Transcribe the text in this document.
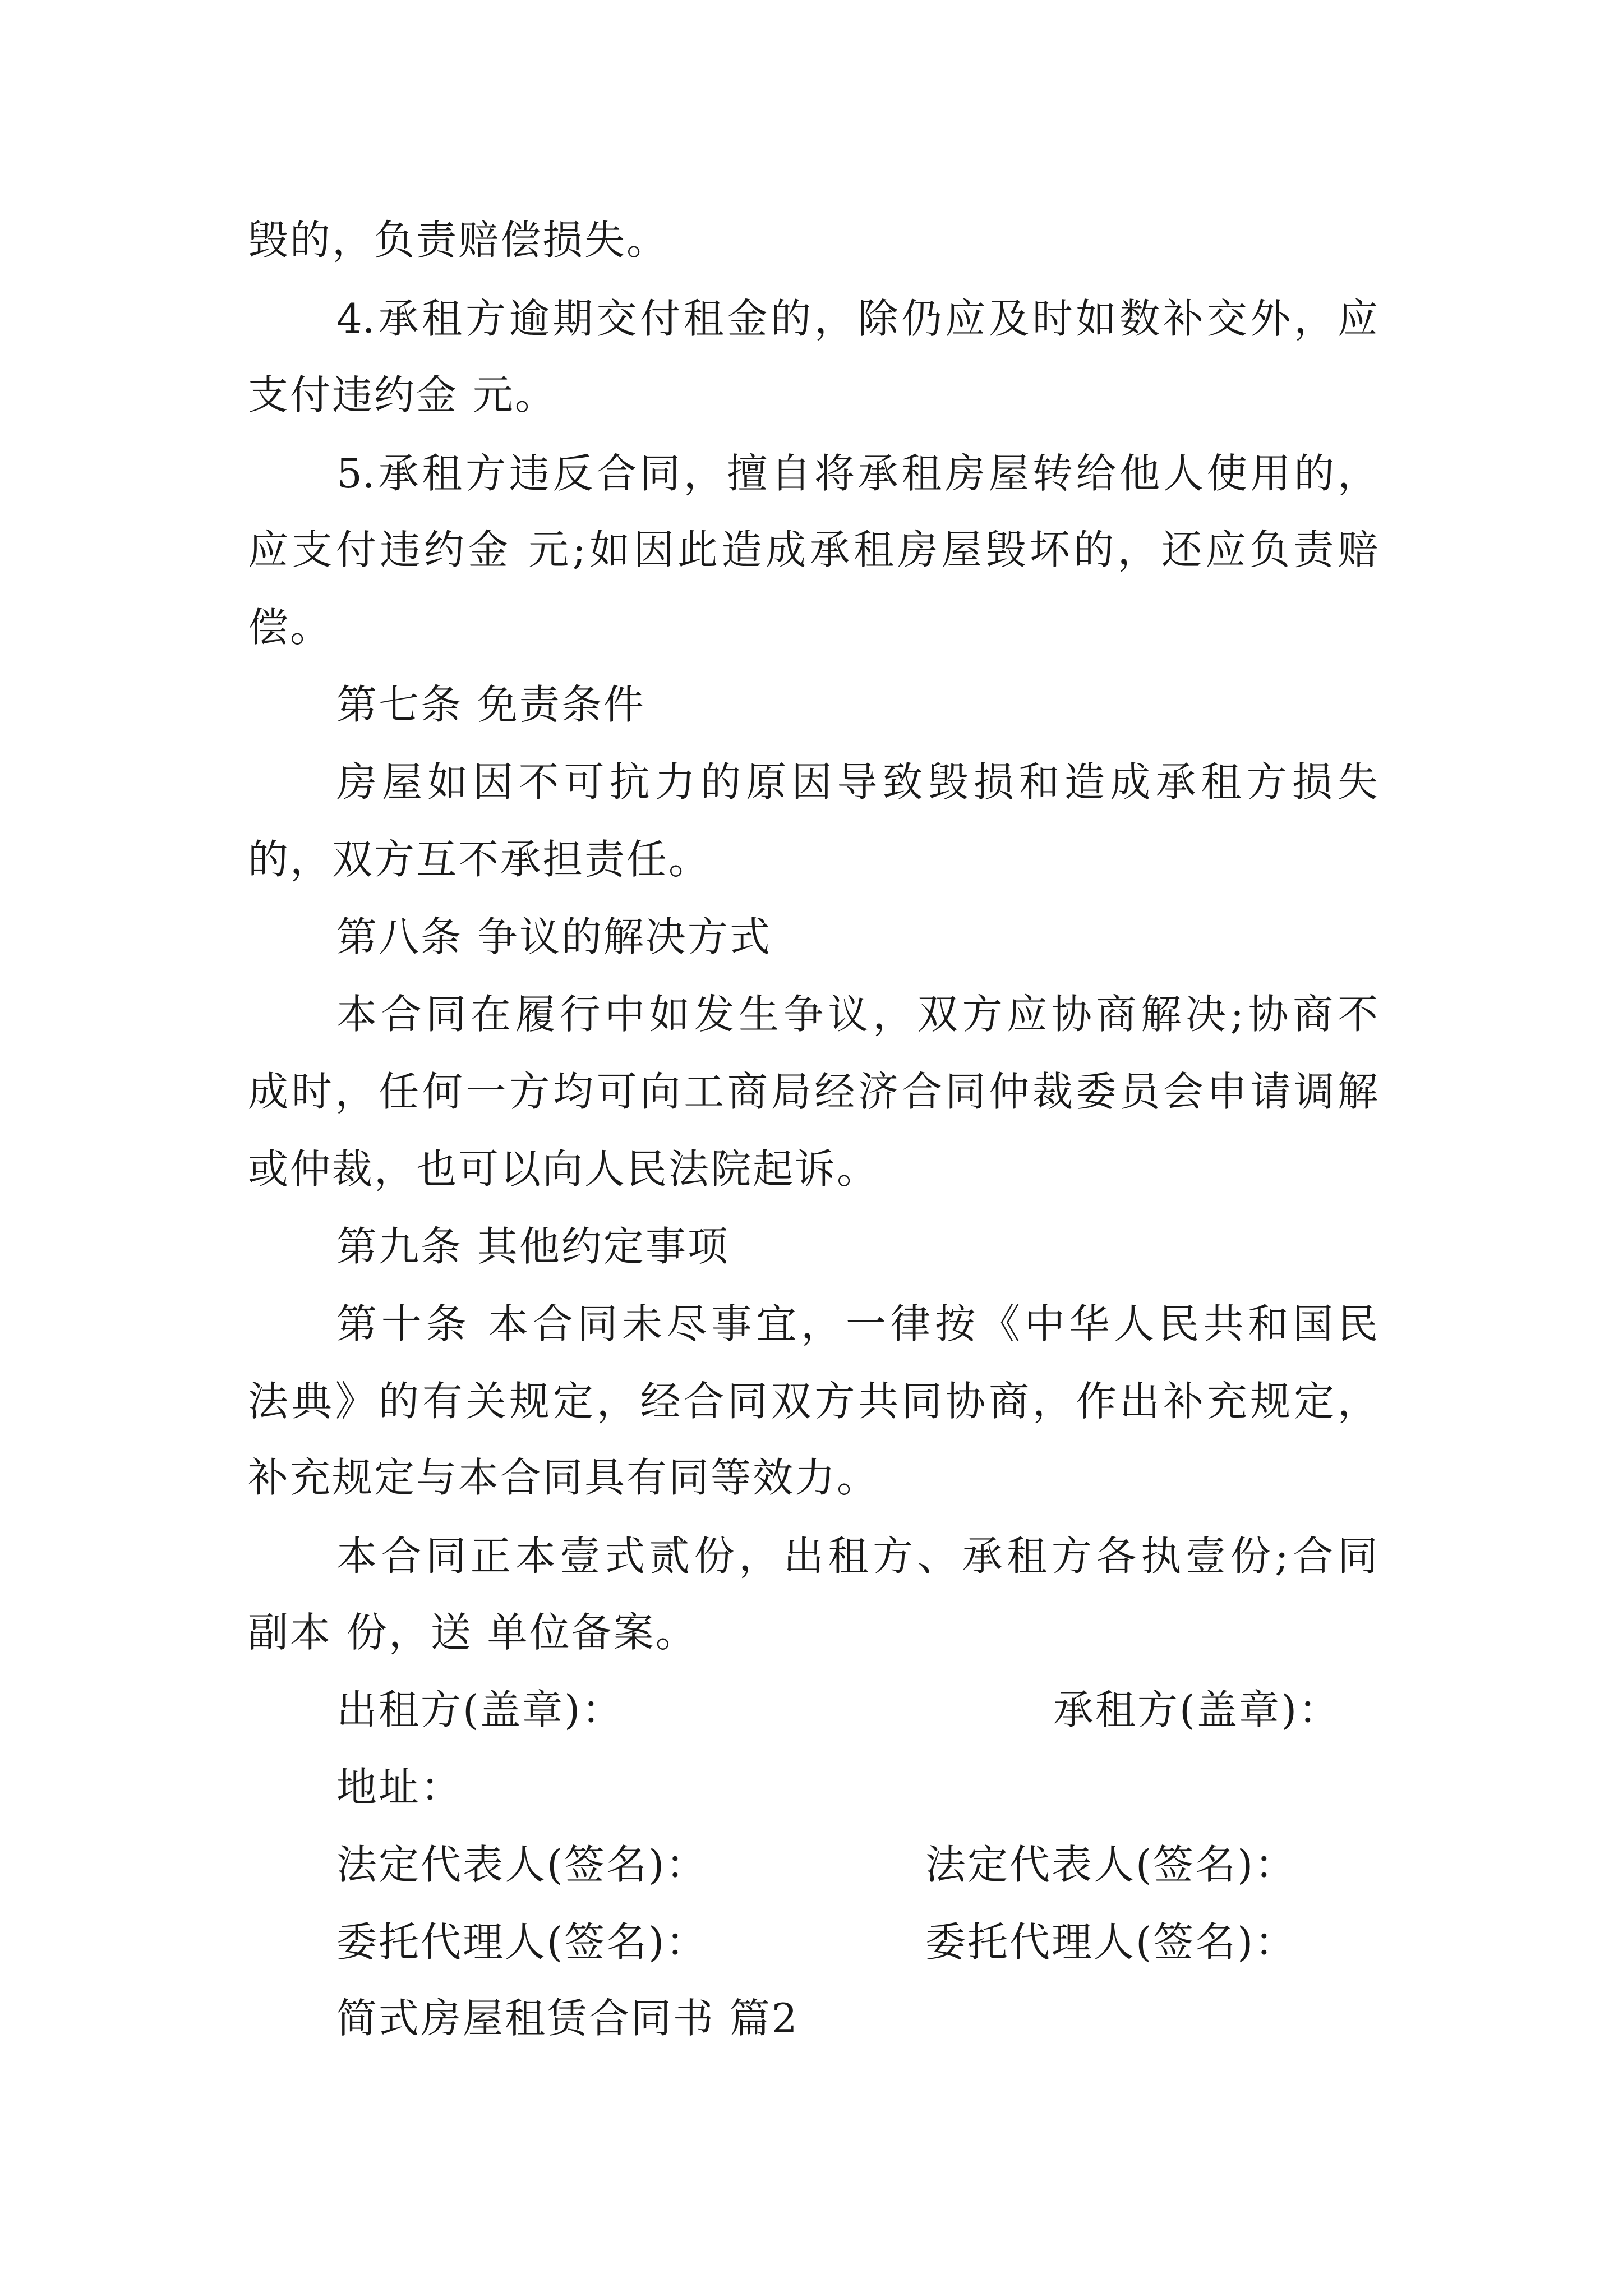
毁的，负责赔偿损失。
4.承租方逾期交付租金的，除仍应及时如数补交外，应
支付违约金 元。
5.承租方违反合同，擅自将承租房屋转给他人使用的，
应支付违约金 元;如因此造成承租房屋毁坏的，还应负责赔
偿。
第七条 免责条件
房屋如因不可抗力的原因导致毁损和造成承租方损失
的，双方互不承担责任。
第八条 争议的解决方式
本合同在履行中如发生争议，双方应协商解决;协商不
成时，任何一方均可向工商局经济合同仲裁委员会申请调解
或仲裁，也可以向人民法院起诉。
第九条 其他约定事项
第十条 本合同未尽事宜，一律按《中华人民共和国民
法典》的有关规定，经合同双方共同协商，作出补充规定，
补充规定与本合同具有同等效力。
本合同正本壹式贰份，出租方、承租方各执壹份;合同
副本 份，送 单位备案。
出租方(盖章)：	承租方(盖章)：
地址：
法定代表人(签名)：	法定代表人(签名)：
委托代理人(签名)：	委托代理人(签名)：
简式房屋租赁合同书 篇2
